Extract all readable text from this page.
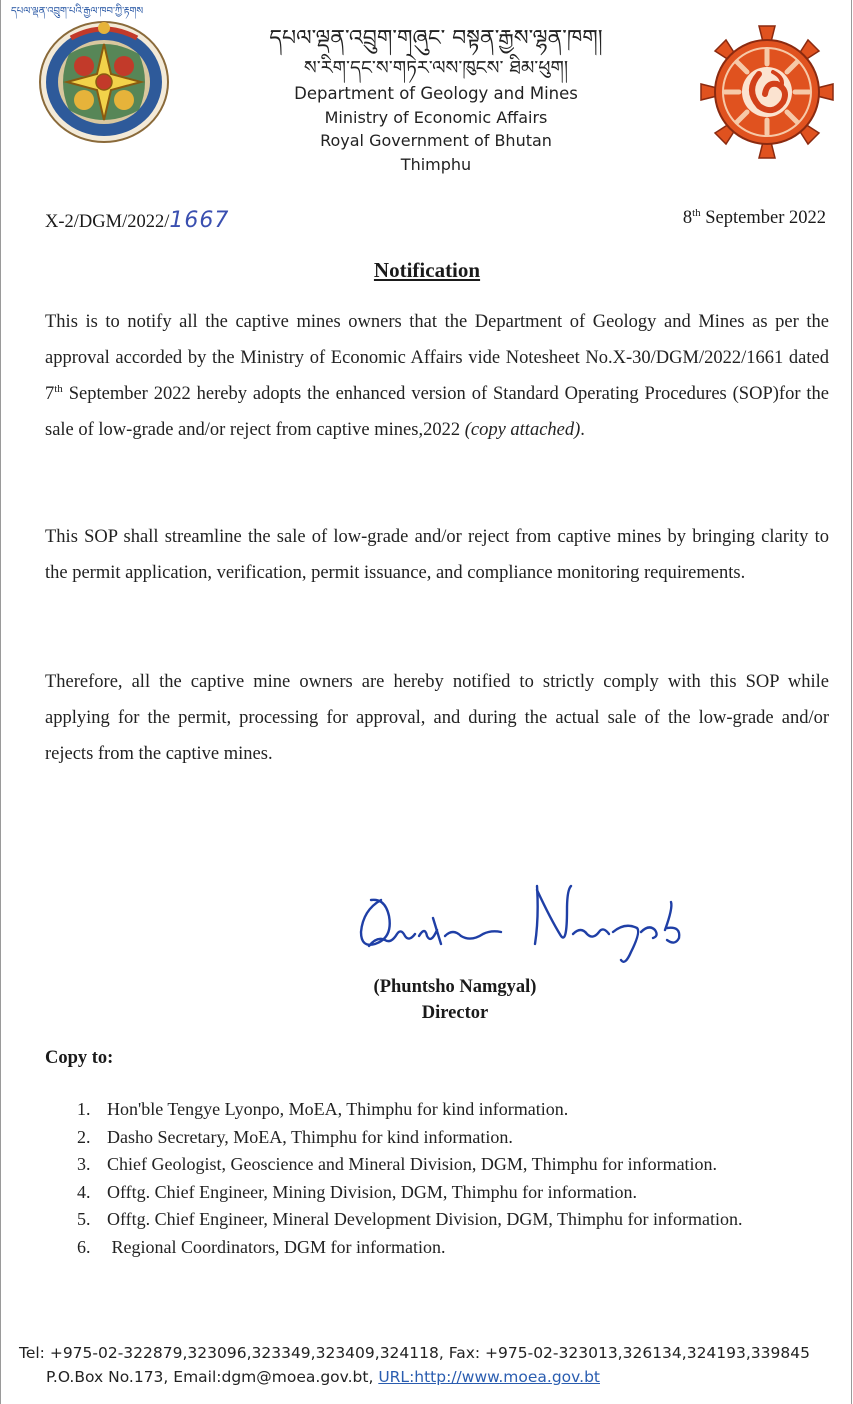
དཔལ་ལྡན་འབྲུག་པའི་རྒྱལ་ཁབ་ཀྱི་རྟགས
དཔལ་ལྡན་འབྲུག་གཞུང་ བསྟན་རྒྱས་ལྷན་ཁག།
ས་རིག་དང་ས་གཏེར་ལས་ཁུངས་ ཐིམ་ཕུག།
Department of Geology and Mines
Ministry of Economic Affairs
Royal Government of Bhutan
Thimphu
X-2/DGM/2022/1667	8th September 2022
Notification

This is to notify all the captive mines owners that the Department of Geology and Mines as per the approval accorded by the Ministry of Economic Affairs vide Notesheet No.X-30/DGM/2022/1661 dated 7th September 2022 hereby adopts the enhanced version of Standard Operating Procedures (SOP)for the sale of low-grade and/or reject from captive mines,2022 (copy attached).

This SOP shall streamline the sale of low-grade and/or reject from captive mines by bringing clarity to the permit application, verification, permit issuance, and compliance monitoring requirements.

Therefore, all the captive mine owners are hereby notified to strictly comply with this SOP while applying for the permit, processing for approval, and during the actual sale of the low-grade and/or rejects from the captive mines.

(Phuntsho Namgyal)
Director
Copy to:
1. Hon'ble Tengye Lyonpo, MoEA, Thimphu for kind information.
2. Dasho Secretary, MoEA, Thimphu for kind information.
3. Chief Geologist, Geoscience and Mineral Division, DGM, Thimphu for information.
4. Offtg. Chief Engineer, Mining Division, DGM, Thimphu for information.
5. Offtg. Chief Engineer, Mineral Development Division, DGM, Thimphu for information.
6. Regional Coordinators, DGM for information.
Tel: +975-02-322879,323096,323349,323409,324118, Fax: +975-02-323013,326134,324193,339845
P.O.Box No.173, Email:dgm@moea.gov.bt, URL:http://www.moea.gov.bt
